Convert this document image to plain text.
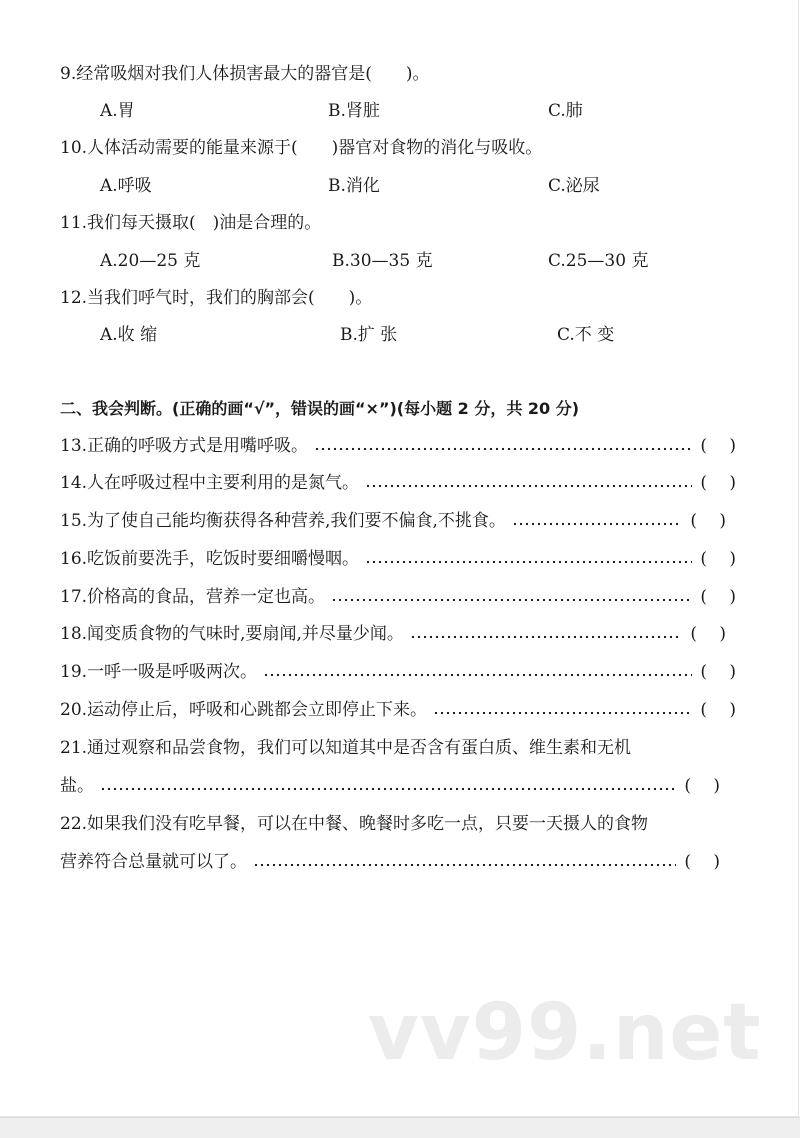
9.经常吸烟对我们人体损害最大的器官是(　　)。
A.胃	B.肾脏	C.肺
10.人体活动需要的能量来源于(　　)器官对食物的消化与吸收。
A.呼吸	B.消化	C.泌尿
11.我们每天摄取(　)油是合理的。
A.20—25 克	B.30—35 克	C.25—30 克
12.当我们呼气时，我们的胸部会(　　)。
A.收 缩	B.扩 张	C.不 变
二、我会判断。(正确的画“√”，错误的画“×”)(每小题 2 分，共 20 分)
13.正确的呼吸方式是用嘴呼吸。	(　 )
14.人在呼吸过程中主要利用的是氮气。	(　 )
15.为了使自己能均衡获得各种营养,我们要不偏食,不挑食。	(　 )
16.吃饭前要洗手，吃饭时要细嚼慢咽。	(　 )
17.价格高的食品，营养一定也高。	(　 )
18.闻变质食物的气味时,要扇闻,并尽量少闻。	(　 )
19.一呼一吸是呼吸两次。	(　 )
20.运动停止后，呼吸和心跳都会立即停止下来。	(　 )
21.通过观察和品尝食物，我们可以知道其中是否含有蛋白质、维生素和无机
盐。	(　 )
22.如果我们没有吃早餐，可以在中餐、晚餐时多吃一点，只要一天摄人的食物
营养符合总量就可以了。	(　 )
vv99.net
